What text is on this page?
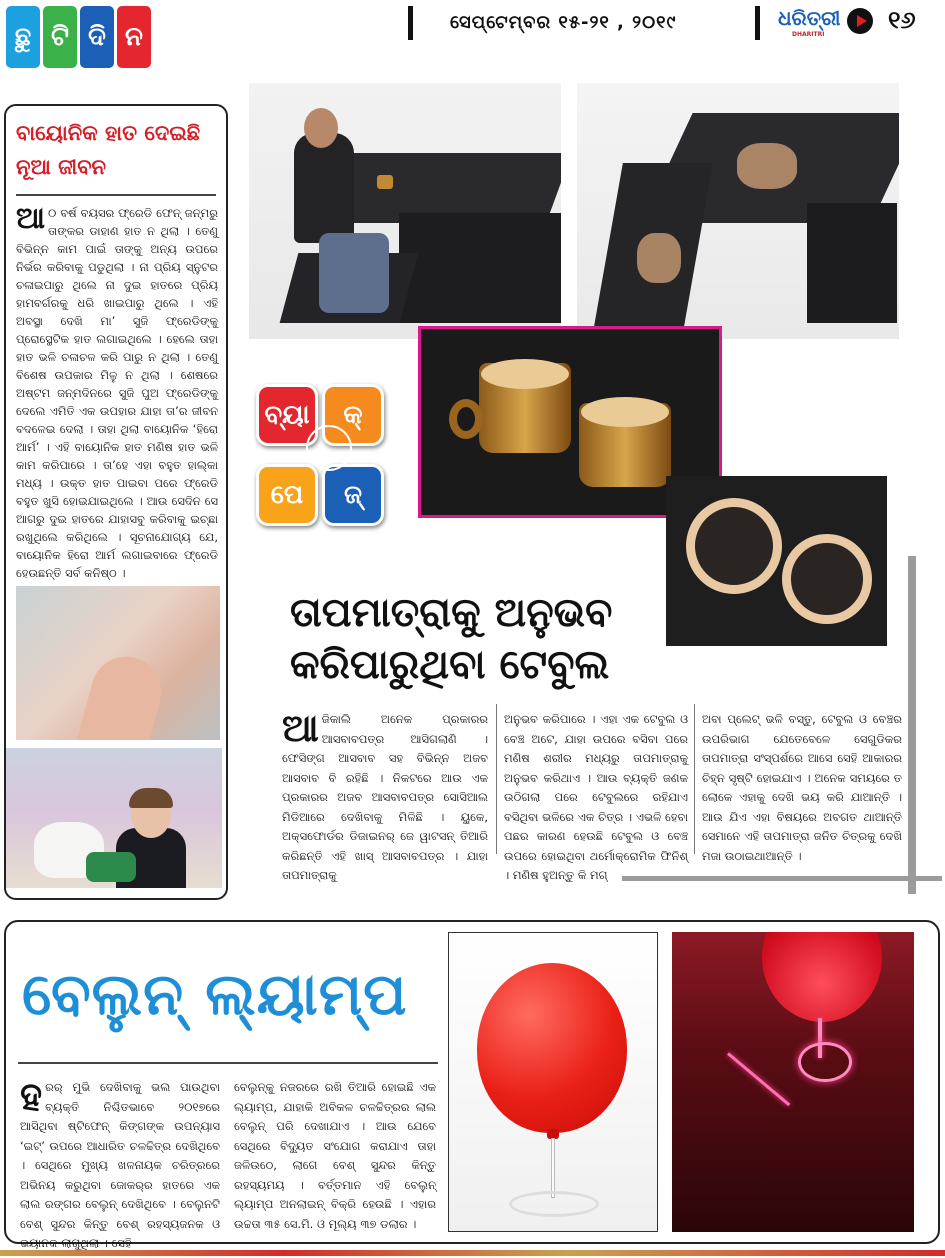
ଛୁ ଟି ଦି ନ	ସେପ୍ଟେମ୍ବର ୧୫-୨୧ , ୨୦୧୯	ଧରିତ୍ରୀ
DHARITRI
୧୬
ବାୟୋନିକ ହାତ ଦେଇଛି ନୂଆ ଜୀବନ
ଆ ୦ ବର୍ଷ ବୟସର ଫ୍ରେଡି ଫେନ୍‌ ଜନ୍ମରୁ ତାଙ୍କର ଡାହାଣ ହାତ ନ ଥିଲା । ତେଣୁ ବିଭିନ୍ନ କାମ ପାଇଁ ତାଙ୍କୁ ଅନ୍ୟ ଉପରେ ନିର୍ଭର କରିବାକୁ ପଡୁଥିଲା । ନା ପ୍ରିୟ ସ୍ନୁଟର ଚଳାଇପାରୁ ଥିଲେ ନା ଦୁଇ ହାତରେ ପ୍ରିୟ ହାମବର୍ଗରକୁ ଧରି ଖାଇପାରୁ ଥିଲେ । ଏହି ଅବସ୍ଥା ଦେଖି ମା’ ସୁଜି ଫ୍ରେଡିଙ୍କୁ ପ୍ରୋସ୍ଥେଟିକ ହାତ ଲଗାଇଥିଲେ । ହେଲେ ତାହା ହାତ ଭଳି ଚଳାଚଳ କରି ପାରୁ ନ ଥିଲା । ତେଣୁ ବିଶେଷ ଉପକାର ମିଳୁ ନ ଥିଲା । ଶେଷରେ ଅଷ୍ଟମ ଜନ୍ମଦିନରେ ସୁଜି ପୁଅ ଫ୍ରେଡିଙ୍କୁ ଦେଲେ ଏମିତି ଏକ ଉପହାର ଯାହା ତା’ର ଜୀବନ ବଦଳେଇ ଦେଲା । ତାହା ଥିଲା ବାୟୋନିକ ‘ହିରୋ ଆର୍ମ’ । ଏହି ବାୟୋନିକ ହାତ ମଣିଷ ହାତ ଭଳି କାମ କରିପାରେ । ତା’ହେ ଏହା ବହୁତ ହାଲ୍‌କା ମଧ୍ୟ । ଉକ୍ତ ହାତ ପାଇବା ପରେ ଫ୍ରେଡି ବହୁତ ଖୁସି ହୋଇଯାଇଥିଲେ । ଆଉ ସେଦିନ ସେ ଆଗରୁ ଦୁଇ ହାତରେ ଯାହାସବୁ କରିବାକୁ ଇଚ୍ଛା ରଖୁଥିଲେ କରିଥିଲେ । ସୂଚନାଯୋଗ୍ୟ ଯେ, ବାୟୋନିକ ହିରୋ ଆର୍ମ ଲଗାଇବାରେ ଫ୍ରେଡି ହେଉଛନ୍ତି ସର୍ବ କନିଷ୍ଠ ।
ବ୍ୟା	କ୍
ପେ	ଜ୍
ତାପମାତ୍ରାକୁ ଅନୁଭବ
କରିପାରୁଥିବା ଟେବୁଲ
ଆ ଜିକାଲି ଅନେକ ପ୍ରକାରର ଆସବାବପତ୍ର ଆସିଗଲାଣି । ଫେସିଙ୍ଗ ଆସବାବ ସହ ବିଭିନ୍ନ ଅଜବ ଆସବାବ ବି ରହିଛି । ନିକଟରେ ଆଉ ଏକ ପ୍ରକାରର ଅଜବ ଆସବାବପତ୍ର ସୋସିଆଲ ମିଡିଆରେ ଦେଖିବାକୁ ମିଳିଛି । ୟୁକେ, ଅକ୍ସଫୋର୍ଡର ଡିଜାଇନର୍‌ ଜେ ୱାଟସନ୍‌ ତିଆରି କରିଛନ୍ତି ଏହି ଖାସ୍‌ ଆସବାବପତ୍ର । ଯାହା ତାପମାତ୍ରାକୁ
ଅନୁଭବ କରିପାରେ । ଏହା ଏକ ଟେବୁଲ ଓ ବେଞ୍ଚ ଅଟେ, ଯାହା ଉପରେ ବସିବା ପରେ ମଣିଷ ଶରୀର ମଧ୍ୟରୁ ତାପମାତ୍ରାକୁ ଅନୁଭବ କରିଥାଏ । ଆଉ ବ୍ୟକ୍ତି ଜଣକ ଉଠିଗଲା ପରେ ଟେବୁଲରେ ରହିଯାଏ ବସିଥିବା ଭଳିରେ ଏକ ଚିତ୍ର । ଏଭଳି ହେବା ପଛର କାରଣ ହେଉଛି ଟେବୁଲ ଓ ବେଞ୍ଚ ଉପରେ ହୋଇଥିବା ଥର୍ମୋକ୍ରୋମିକ ଫିନିଶ୍‌ । ମଣିଷ ହୁଅନ୍ତୁ କି ମଗ୍‌
ଅବା ପ୍ଲେଟ୍‌ ଭଳି ବସ୍ତୁ, ଟେବୁଲ ଓ ବେଞ୍ଚର ଉପରିଭାଗ ଯେତେବେଳେ ସେଗୁଡିକର ତାପମାତ୍ରା ସଂସ୍ପର୍ଶରେ ଆସେ ସେହି ଆକାରର ଚିହ୍ନ ସୃଷ୍ଟି ହୋଇଯାଏ । ଅନେକ ସମୟରେ ତ ଲୋକେ ଏହାକୁ ଦେଖି ଭୟ କରି ଯାଆନ୍ତି । ଆଉ ଯିଏ ଏହା ବିଷୟରେ ଅବଗତ ଥାଆନ୍ତି ସେମାନେ ଏହି ତାପମାତ୍ରା ଜନିତ ଚିତ୍ରକୁ ଦେଖି ମଜା ଉଠାଇଥାଆନ୍ତି ।
ବେଲୁନ୍‌ ଲ୍ୟାମ୍ପ
ହ ରର୍‌ ମୁଭି ଦେଖିବାକୁ ଭଲ ପାଉଥିବା ବ୍ୟକ୍ତି ନିଶ୍ଚିତଭାବେ ୨୦୧୭ରେ ଆସିଥିବା ଷ୍ଟିଫେନ୍‌ କିଙ୍ଗଙ୍କ ଉପନ୍ୟାସ ‘ଇଟ୍‌’ ଉପରେ ଆଧାରିତ ଚଳଚ୍ଚିତ୍ର ଦେଖିଥିବେ । ସେଥିରେ ମୁଖ୍ୟ ଖଳନାୟକ ଚରିତ୍ରରେ ଅଭିନୟ କରୁଥିବା ଜୋକର୍‌ର ହାତରେ ଏକ ଲାଲ ରଙ୍ଗର ବେଲୁନ୍‌ ଦେଖିଥିବେ । ବେଲୁନଟି ବେଶ୍‌ ସୁନ୍ଦର କିନ୍ତୁ ବେଶ୍‌ ରହସ୍ୟଜନକ ଓ ଭୟାନକ ଲାଗୁଥିଲା । ସେହି
ବେଲୁନ୍‌କୁ ନଜରରେ ରଖି ତିଆରି ହୋଇଛି ଏକ ଲ୍ୟାମ୍ପ, ଯାହାକି ଅବିକଳ ଚଳଚ୍ଚିତ୍ରର ଲାଲ ବେଲୁନ୍‌ ପରି ଦେଖାଯାଏ । ଆଉ ଯେବେ ସେଥିରେ ବିଦ୍ୟୁତ ସଂଯୋଗ କରାଯାଏ ତାହା ଜଳିଉଠେ, ଲାଗେ ବେଶ୍‌ ସୁନ୍ଦର କିନ୍ତୁ ରହସ୍ୟମୟ । ବର୍ତ୍ତମାନ ଏହି ବେଲୁନ୍‌ ଲ୍ୟାମ୍ପ ଅନଲାଇନ୍‌ ବିକ୍ରି ହେଉଛି । ଏହାର ଉଚ୍ଚତା ୩୫ ସେ.ମି. ଓ ମୂଲ୍ୟ ୩୭ ଡଲାର ।
